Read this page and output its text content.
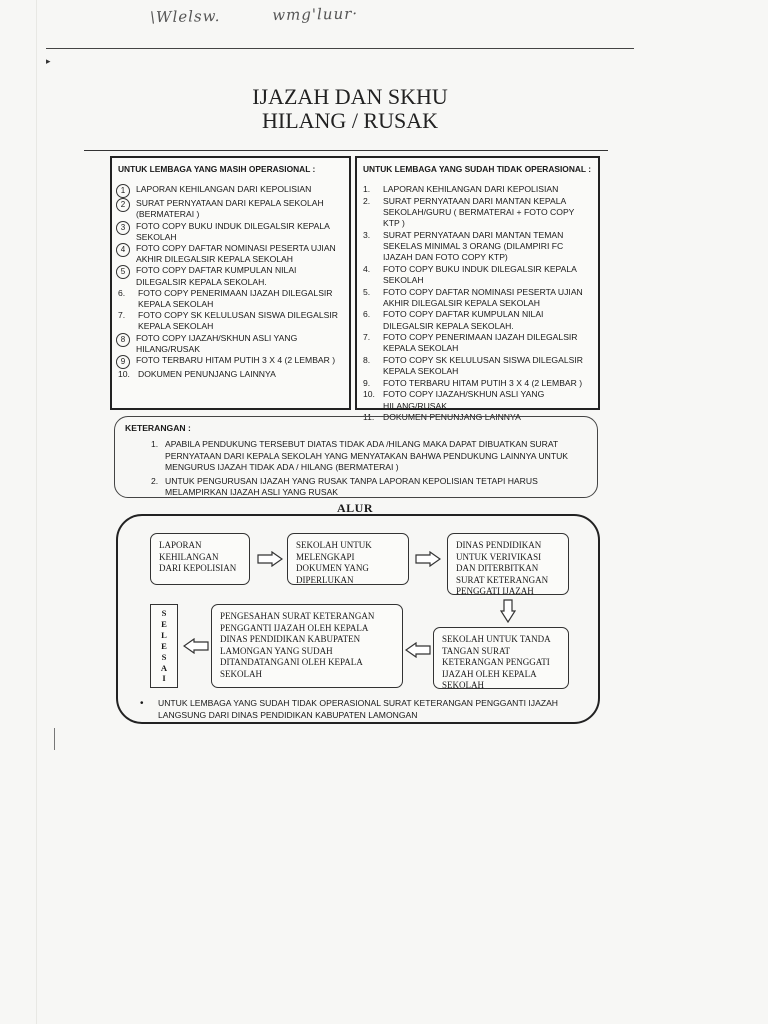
\Wlelsw.	wmg'luur·
▸
IJAZAH DAN SKHU
HILANG / RUSAK
UNTUK LEMBAGA YANG MASIH OPERASIONAL :
1	LAPORAN KEHILANGAN DARI KEPOLISIAN
2	SURAT PERNYATAAN DARI KEPALA SEKOLAH (BERMATERAI )
3	FOTO COPY BUKU INDUK DILEGALSIR KEPALA SEKOLAH
4	FOTO COPY DAFTAR NOMINASI PESERTA UJIAN AKHIR DILEGALSIR KEPALA SEKOLAH
5	FOTO COPY DAFTAR KUMPULAN NILAI DILEGALSIR KEPALA SEKOLAH.
6.	FOTO COPY PENERIMAAN IJAZAH DILEGALSIR KEPALA SEKOLAH
7.	FOTO COPY SK KELULUSAN SISWA DILEGALSIR KEPALA SEKOLAH
8	FOTO COPY IJAZAH/SKHUN ASLI YANG HILANG/RUSAK
9	FOTO TERBARU HITAM PUTIH 3 X 4 (2 LEMBAR )
10. DOKUMEN PENUNJANG LAINNYA
UNTUK LEMBAGA YANG SUDAH TIDAK OPERASIONAL :
1.	LAPORAN KEHILANGAN DARI KEPOLISIAN
2.	SURAT PERNYATAAN DARI MANTAN KEPALA SEKOLAH/GURU ( BERMATERAI + FOTO COPY KTP )
3.	SURAT PERNYATAAN DARI MANTAN TEMAN SEKELAS MINIMAL 3 ORANG (DILAMPIRI FC IJAZAH DAN FOTO COPY KTP)
4.	FOTO COPY BUKU INDUK DILEGALSIR KEPALA SEKOLAH
5.	FOTO COPY DAFTAR NOMINASI PESERTA UJIAN AKHIR DILEGALSIR KEPALA SEKOLAH
6.	FOTO COPY DAFTAR KUMPULAN NILAI DILEGALSIR KEPALA SEKOLAH.
7.	FOTO COPY PENERIMAAN IJAZAH DILEGALSIR KEPALA SEKOLAH
8.	FOTO COPY SK KELULUSAN SISWA DILEGALSIR KEPALA SEKOLAH
9.	FOTO TERBARU HITAM PUTIH 3 X 4 (2 LEMBAR )
10. FOTO COPY IJAZAH/SKHUN ASLI YANG HILANG/RUSAK
11.	DOKUMEN PENUNJANG LAINNYA
KETERANGAN :
1. APABILA PENDUKUNG TERSEBUT DIATAS TIDAK ADA /HILANG MAKA DAPAT DIBUATKAN SURAT PERNYATAAN DARI KEPALA SEKOLAH YANG MENYATAKAN BAHWA PENDUKUNG LAINNYA UNTUK MENGURUS IJAZAH TIDAK ADA / HILANG (BERMATERAI )
2. UNTUK PENGURUSAN IJAZAH YANG RUSAK TANPA LAPORAN KEPOLISIAN TETAPI HARUS MELAMPIRKAN IJAZAH ASLI YANG RUSAK
ALUR
LAPORAN KEHILANGAN DARI KEPOLISIAN
SEKOLAH UNTUK MELENGKAPI DOKUMEN YANG DIPERLUKAN
DINAS PENDIDIKAN UNTUK VERIVIKASI DAN DITERBITKAN SURAT KETERANGAN PENGGATI IJAZAH
SEKOLAH UNTUK TANDA TANGAN SURAT KETERANGAN PENGGATI IJAZAH OLEH KEPALA SEKOLAH
PENGESAHAN SURAT KETERANGAN PENGGANTI IJAZAH OLEH KEPALA DINAS PENDIDIKAN KABUPATEN LAMONGAN YANG SUDAH DITANDATANGANI OLEH KEPALA SEKOLAH
S
E
L
E
S
A
I
•	UNTUK LEMBAGA YANG SUDAH TIDAK OPERASIONAL SURAT KETERANGAN PENGGANTI IJAZAH LANGSUNG DARI DINAS PENDIDIKAN KABUPATEN LAMONGAN
